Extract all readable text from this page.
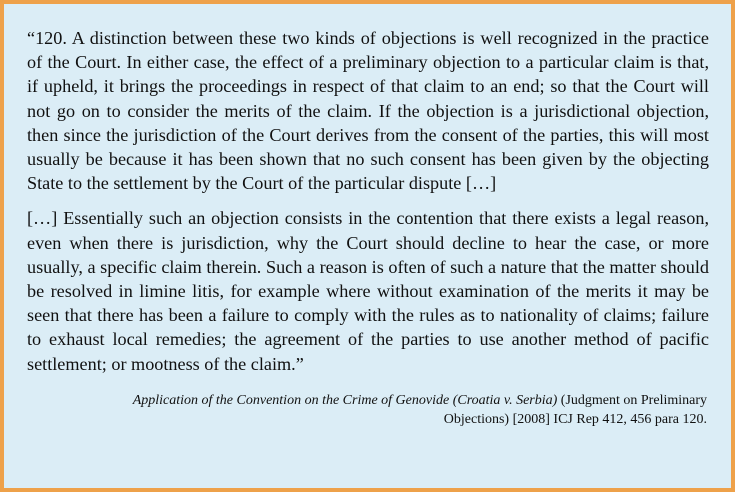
“120. A distinction between these two kinds of objections is well recognized in the practice of the Court. In either case, the effect of a preliminary objection to a particular claim is that, if upheld, it brings the proceedings in respect of that claim to an end; so that the Court will not go on to consider the merits of the claim. If the objection is a jurisdictional objection, then since the jurisdiction of the Court derives from the consent of the parties, this will most usually be because it has been shown that no such consent has been given by the objecting State to the settlement by the Court of the particular dispute […]

[…] Essentially such an objection consists in the contention that there exists a legal reason, even when there is jurisdiction, why the Court should decline to hear the case, or more usually, a specific claim therein. Such a reason is often of such a nature that the matter should be resolved in limine litis, for example where without examination of the merits it may be seen that there has been a failure to comply with the rules as to nationality of claims; failure to exhaust local remedies; the agreement of the parties to use another method of pacific settlement; or mootness of the claim.”

Application of the Convention on the Crime of Genovide (Croatia v. Serbia) (Judgment on Preliminary
Objections) [2008] ICJ Rep 412, 456 para 120.
